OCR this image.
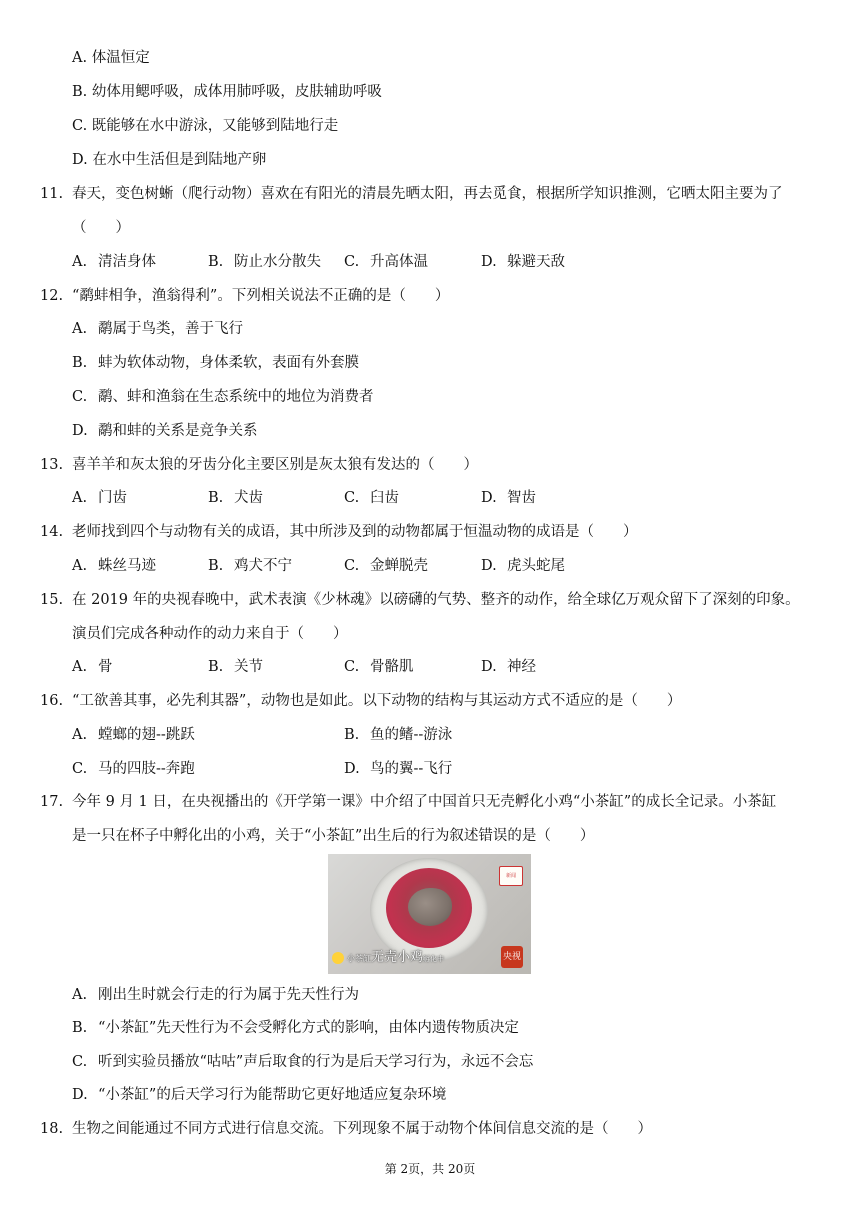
A. 体温恒定
B. 幼体用鳃呼吸，成体用肺呼吸，皮肤辅助呼吸
C. 既能够在水中游泳，又能够到陆地行走
D. 在水中生活但是到陆地产卵
11. 春天，变色树蜥（爬行动物）喜欢在有阳光的清晨先晒太阳，再去觅食，根据所学知识推测，它晒太阳主要为了
（　　）
A. 清洁身体	B. 防止水分散失 C. 升高体温	D. 躲避天敌
12. “鹬蚌相争，渔翁得利”。下列相关说法不正确的是（　　）
A. 鹬属于鸟类，善于飞行
B. 蚌为软体动物，身体柔软，表面有外套膜
C. 鹬、蚌和渔翁在生态系统中的地位为消费者
D. 鹬和蚌的关系是竞争关系
13. 喜羊羊和灰太狼的牙齿分化主要区别是灰太狼有发达的（　　）
A. 门齿	B. 犬齿	C. 臼齿	D. 智齿
14. 老师找到四个与动物有关的成语，其中所涉及到的动物都属于恒温动物的成语是（　　）
A. 蛛丝马迹	B. 鸡犬不宁	C. 金蝉脱壳	D. 虎头蛇尾
15. 在 2019 年的央视春晚中，武术表演《少林魂》以磅礴的气势、整齐的动作，给全球亿万观众留下了深刻的印象。
演员们完成各种动作的动力来自于（　　）
A. 骨	B. 关节	C. 骨骼肌	D. 神经
16. “工欲善其事，必先利其器”，动物也是如此。以下动物的结构与其运动方式不适应的是（　　）
A. 螳螂的翅--跳跃	B. 鱼的鳍--游泳
C. 马的四肢--奔跑	D. 鸟的翼--飞行
17. 今年 9 月 1 日，在央视播出的《开学第一课》中介绍了中国首只无壳孵化小鸡“小茶缸”的成长全记录。小茶缸
是一只在杯子中孵化出的小鸡，关于“小茶缸”出生后的行为叙述错误的是（　　）
新闻
小茶缸无壳小鸡孵化中	央视
A. 刚出生时就会行走的行为属于先天性行为
B. “小茶缸”先天性行为不会受孵化方式的影响，由体内遗传物质决定
C. 听到实验员播放“咕咕”声后取食的行为是后天学习行为，永远不会忘
D. “小茶缸”的后天学习行为能帮助它更好地适应复杂环境
18. 生物之间能通过不同方式进行信息交流。下列现象不属于动物个体间信息交流的是（　　）
第 2页，共 20页
